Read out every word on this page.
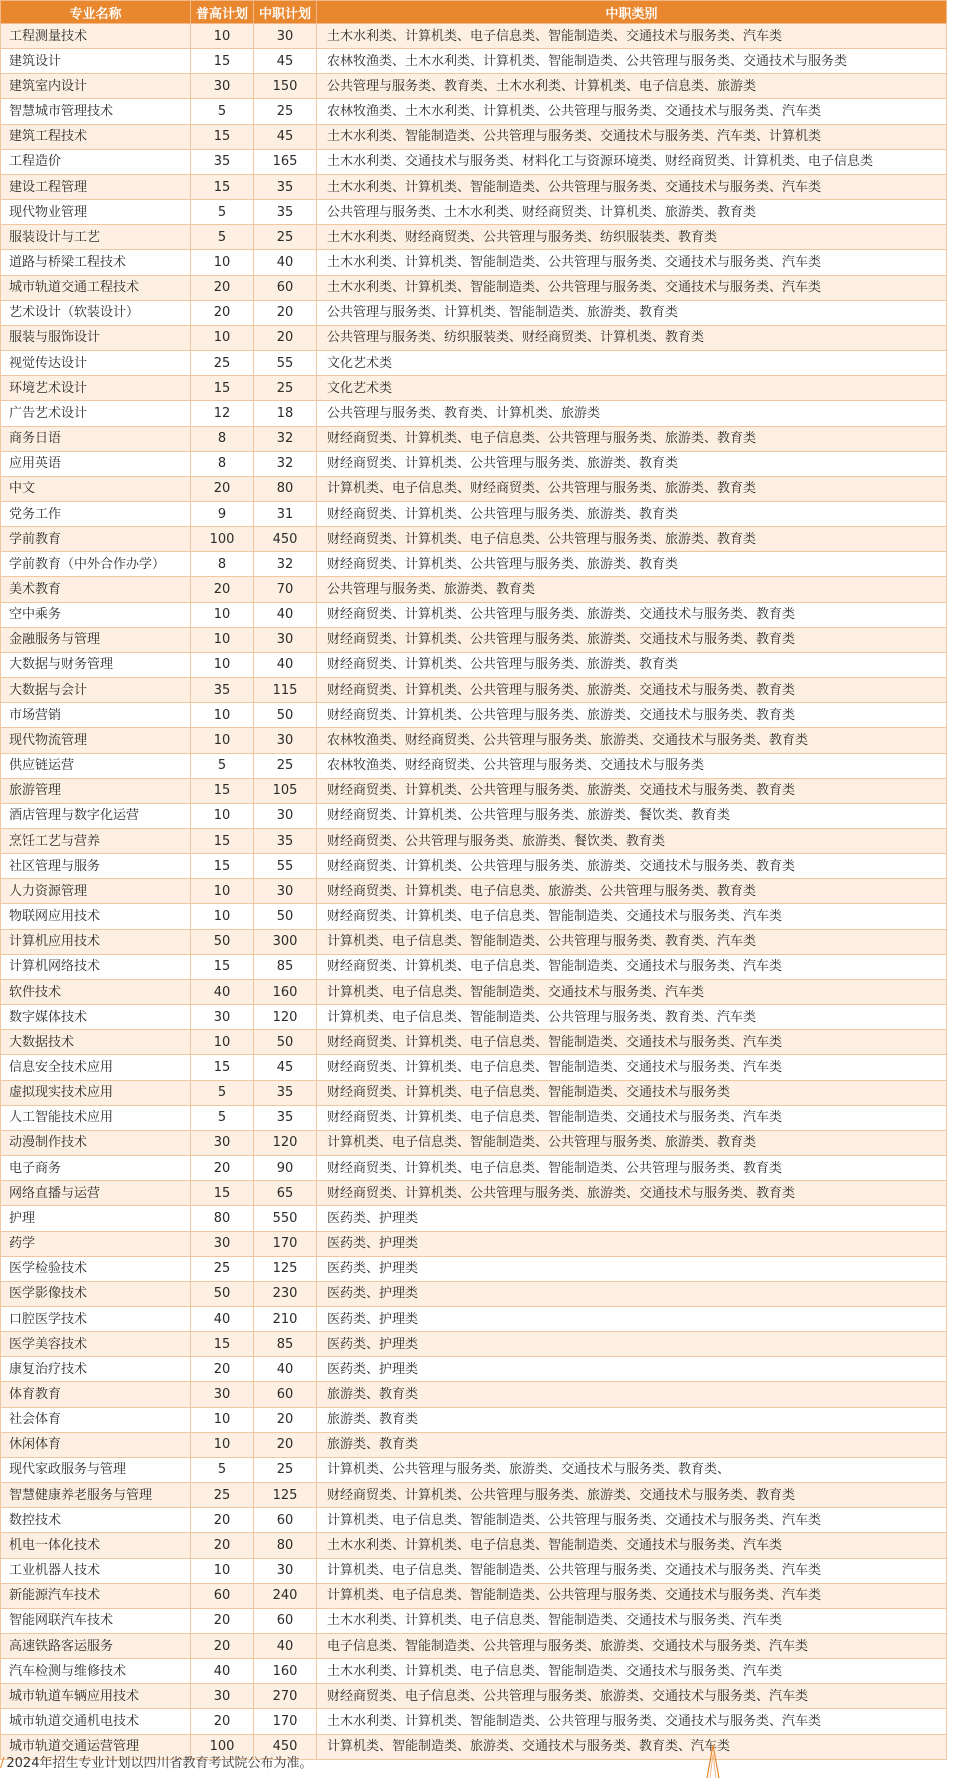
专业名称	普高计划	中职计划	中职类别
工程测量技术	10	30	土木水利类、计算机类、电子信息类、智能制造类、交通技术与服务类、汽车类
建筑设计	15	45	农林牧渔类、土木水利类、计算机类、智能制造类、公共管理与服务类、交通技术与服务类
建筑室内设计	30	150	公共管理与服务类、教育类、土木水利类、计算机类、电子信息类、旅游类
智慧城市管理技术	5	25	农林牧渔类、土木水利类、计算机类、公共管理与服务类、交通技术与服务类、汽车类
建筑工程技术	15	45	土木水利类、智能制造类、公共管理与服务类、交通技术与服务类、汽车类、计算机类
工程造价	35	165	土木水利类、交通技术与服务类、材料化工与资源环境类、财经商贸类、计算机类、电子信息类
建设工程管理	15	35	土木水利类、计算机类、智能制造类、公共管理与服务类、交通技术与服务类、汽车类
现代物业管理	5	35	公共管理与服务类、土木水利类、财经商贸类、计算机类、旅游类、教育类
服装设计与工艺	5	25	土木水利类、财经商贸类、公共管理与服务类、纺织服装类、教育类
道路与桥梁工程技术	10	40	土木水利类、计算机类、智能制造类、公共管理与服务类、交通技术与服务类、汽车类
城市轨道交通工程技术	20	60	土木水利类、计算机类、智能制造类、公共管理与服务类、交通技术与服务类、汽车类
艺术设计（软装设计）	20	20	公共管理与服务类、计算机类、智能制造类、旅游类、教育类
服装与服饰设计	10	20	公共管理与服务类、纺织服装类、财经商贸类、计算机类、教育类
视觉传达设计	25	55	文化艺术类
环境艺术设计	15	25	文化艺术类
广告艺术设计	12	18	公共管理与服务类、教育类、计算机类、旅游类
商务日语	8	32	财经商贸类、计算机类、电子信息类、公共管理与服务类、旅游类、教育类
应用英语	8	32	财经商贸类、计算机类、公共管理与服务类、旅游类、教育类
中文	20	80	计算机类、电子信息类、财经商贸类、公共管理与服务类、旅游类、教育类
党务工作	9	31	财经商贸类、计算机类、公共管理与服务类、旅游类、教育类
学前教育	100	450	财经商贸类、计算机类、电子信息类、公共管理与服务类、旅游类、教育类
学前教育（中外合作办学）	8	32	财经商贸类、计算机类、公共管理与服务类、旅游类、教育类
美术教育	20	70	公共管理与服务类、旅游类、教育类
空中乘务	10	40	财经商贸类、计算机类、公共管理与服务类、旅游类、交通技术与服务类、教育类
金融服务与管理	10	30	财经商贸类、计算机类、公共管理与服务类、旅游类、交通技术与服务类、教育类
大数据与财务管理	10	40	财经商贸类、计算机类、公共管理与服务类、旅游类、教育类
大数据与会计	35	115	财经商贸类、计算机类、公共管理与服务类、旅游类、交通技术与服务类、教育类
市场营销	10	50	财经商贸类、计算机类、公共管理与服务类、旅游类、交通技术与服务类、教育类
现代物流管理	10	30	农林牧渔类、财经商贸类、公共管理与服务类、旅游类、交通技术与服务类、教育类
供应链运营	5	25	农林牧渔类、财经商贸类、公共管理与服务类、交通技术与服务类
旅游管理	15	105	财经商贸类、计算机类、公共管理与服务类、旅游类、交通技术与服务类、教育类
酒店管理与数字化运营	10	30	财经商贸类、计算机类、公共管理与服务类、旅游类、餐饮类、教育类
烹饪工艺与营养	15	35	财经商贸类、公共管理与服务类、旅游类、餐饮类、教育类
社区管理与服务	15	55	财经商贸类、计算机类、公共管理与服务类、旅游类、交通技术与服务类、教育类
人力资源管理	10	30	财经商贸类、计算机类、电子信息类、旅游类、公共管理与服务类、教育类
物联网应用技术	10	50	财经商贸类、计算机类、电子信息类、智能制造类、交通技术与服务类、汽车类
计算机应用技术	50	300	计算机类、电子信息类、智能制造类、公共管理与服务类、教育类、汽车类
计算机网络技术	15	85	财经商贸类、计算机类、电子信息类、智能制造类、交通技术与服务类、汽车类
软件技术	40	160	计算机类、电子信息类、智能制造类、交通技术与服务类、汽车类
数字媒体技术	30	120	计算机类、电子信息类、智能制造类、公共管理与服务类、教育类、汽车类
大数据技术	10	50	财经商贸类、计算机类、电子信息类、智能制造类、交通技术与服务类、汽车类
信息安全技术应用	15	45	财经商贸类、计算机类、电子信息类、智能制造类、交通技术与服务类、汽车类
虚拟现实技术应用	5	35	财经商贸类、计算机类、电子信息类、智能制造类、交通技术与服务类
人工智能技术应用	5	35	财经商贸类、计算机类、电子信息类、智能制造类、交通技术与服务类、汽车类
动漫制作技术	30	120	计算机类、电子信息类、智能制造类、公共管理与服务类、旅游类、教育类
电子商务	20	90	财经商贸类、计算机类、电子信息类、智能制造类、公共管理与服务类、教育类
网络直播与运营	15	65	财经商贸类、计算机类、公共管理与服务类、旅游类、交通技术与服务类、教育类
护理	80	550	医药类、护理类
药学	30	170	医药类、护理类
医学检验技术	25	125	医药类、护理类
医学影像技术	50	230	医药类、护理类
口腔医学技术	40	210	医药类、护理类
医学美容技术	15	85	医药类、护理类
康复治疗技术	20	40	医药类、护理类
体育教育	30	60	旅游类、教育类
社会体育	10	20	旅游类、教育类
休闲体育	10	20	旅游类、教育类
现代家政服务与管理	5	25	计算机类、公共管理与服务类、旅游类、交通技术与服务类、教育类、
智慧健康养老服务与管理	25	125	财经商贸类、计算机类、公共管理与服务类、旅游类、交通技术与服务类、教育类
数控技术	20	60	计算机类、电子信息类、智能制造类、公共管理与服务类、交通技术与服务类、汽车类
机电一体化技术	20	80	土木水利类、计算机类、电子信息类、智能制造类、交通技术与服务类、汽车类
工业机器人技术	10	30	计算机类、电子信息类、智能制造类、公共管理与服务类、交通技术与服务类、汽车类
新能源汽车技术	60	240	计算机类、电子信息类、智能制造类、公共管理与服务类、交通技术与服务类、汽车类
智能网联汽车技术	20	60	土木水利类、计算机类、电子信息类、智能制造类、交通技术与服务类、汽车类
高速铁路客运服务	20	40	电子信息类、智能制造类、公共管理与服务类、旅游类、交通技术与服务类、汽车类
汽车检测与维修技术	40	160	土木水利类、计算机类、电子信息类、智能制造类、交通技术与服务类、汽车类
城市轨道车辆应用技术	30	270	财经商贸类、电子信息类、公共管理与服务类、旅游类、交通技术与服务类、汽车类
城市轨道交通机电技术	20	170	土木水利类、计算机类、智能制造类、公共管理与服务类、交通技术与服务类、汽车类
城市轨道交通运营管理	100	450	计算机类、智能制造类、旅游类、交通技术与服务类、教育类、汽车类
/ 2024年招生专业计划以四川省教育考试院公布为准。
